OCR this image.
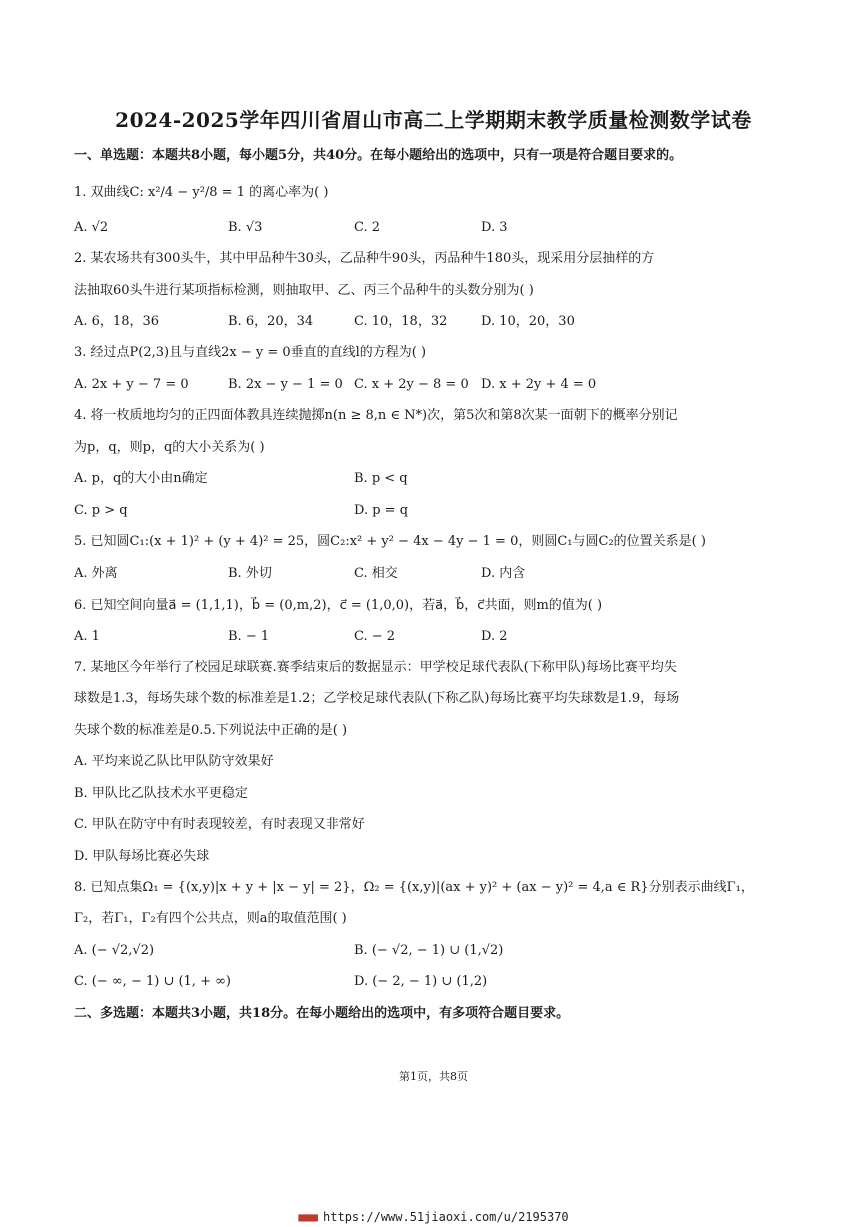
2024-2025学年四川省眉山市高二上学期期末教学质量检测数学试卷
一、单选题：本题共8小题，每小题5分，共40分。在每小题给出的选项中，只有一项是符合题目要求的。
1. 双曲线C: x²/4 − y²/8 = 1 的离心率为( )
A. √2	B. √3	C. 2	D. 3
2. 某农场共有300头牛，其中甲品种牛30头，乙品种牛90头，丙品种牛180头，现采用分层抽样的方
法抽取60头牛进行某项指标检测，则抽取甲、乙、丙三个品种牛的头数分别为( )
A. 6，18，36	B. 6，20，34	C. 10，18，32	D. 10，20，30
3. 经过点P(2,3)且与直线2x − y = 0垂直的直线l的方程为( )
A. 2x + y − 7 = 0	B. 2x − y − 1 = 0 C. x + 2y − 8 = 0 D. x + 2y + 4 = 0
4. 将一枚质地均匀的正四面体教具连续抛掷n(n ≥ 8,n ∈ N*)次，第5次和第8次某一面朝下的概率分别记
为p，q，则p，q的大小关系为( )
A. p，q的大小由n确定	B. p < q
C. p > q	D. p = q
5. 已知圆C₁:(x + 1)² + (y + 4)² = 25，圆C₂:x² + y² − 4x − 4y − 1 = 0，则圆C₁与圆C₂的位置关系是( )
A. 外离	B. 外切	C. 相交	D. 内含
6. 已知空间向量a⃗ = (1,1,1)，b⃗ = (0,m,2)，c⃗ = (1,0,0)，若a⃗，b⃗，c⃗共面，则m的值为( )
A. 1	B. − 1	C. − 2	D. 2
7. 某地区今年举行了校园足球联赛.赛季结束后的数据显示：甲学校足球代表队(下称甲队)每场比赛平均失
球数是1.3，每场失球个数的标准差是1.2；乙学校足球代表队(下称乙队)每场比赛平均失球数是1.9，每场
失球个数的标准差是0.5.下列说法中正确的是( )
A. 平均来说乙队比甲队防守效果好
B. 甲队比乙队技术水平更稳定
C. 甲队在防守中有时表现较差，有时表现又非常好
D. 甲队每场比赛必失球
8. 已知点集Ω₁ = {(x,y)|x + y + |x − y| = 2}，Ω₂ = {(x,y)|(ax + y)² + (ax − y)² = 4,a ∈ R}分别表示曲线Γ₁，
Γ₂，若Γ₁，Γ₂有四个公共点，则a的取值范围( )
A. (− √2,√2)	B. (− √2, − 1) ∪ (1,√2)
C. (− ∞, − 1) ∪ (1, + ∞)	D. (− 2, − 1) ∪ (1,2)
二、多选题：本题共3小题，共18分。在每小题给出的选项中，有多项符合题目要求。
第1页，共8页
■■■ https://www.51jiaoxi.com/u/2195370
